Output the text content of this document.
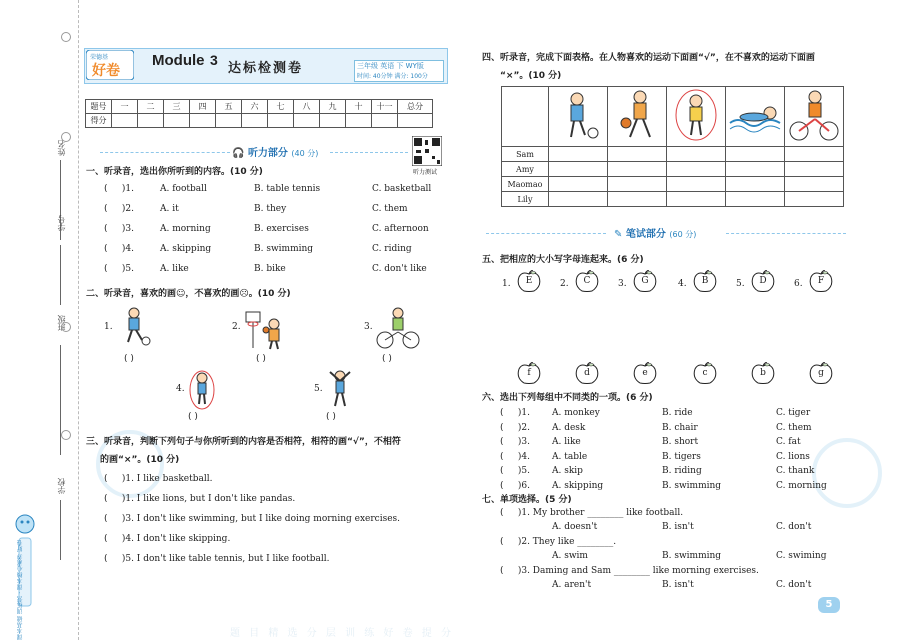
姓名
学号
班级
学校
课本基础 训练营 · 课本核心素养 好卷
荣德基
好卷
Module 3
达标检测卷	三年级 英语 下 WY版
时间: 40分钟 满分: 100分
题号	一	二	三	四	五	六	七	八	九	十	十一	总分
得分												
听力测试
🎧 听力部分 (40 分)
一、听录音，选出你所听到的内容。(10 分)
(     )1.	A. football	B. table tennis	C. basketball
(     )2.	A. it	B. they	C. them
(     )3.	A. morning	B. exercises	C. afternoon
(     )4.	A. skipping	B. swimming	C. riding
(     )5.	A. like	B. bike	C. don't like
二、听录音，喜欢的画☺，不喜欢的画☹。(10 分)
1.
( )
2.
( )
3.
( )
4.
( )
5.
( )
三、听录音，判断下列句子与你所听到的内容是否相符，相符的画“√”，不相符
的画“×”。(10 分)
(     )1. I like basketball.
(     )1. I like lions, but I don't like pandas.
(     )3. I don't like swimming, but I like doing morning exercises.
(     )4. I don't like skipping.
(     )5. I don't like table tennis, but I like football.
四、听录音，完成下面表格。在人物喜欢的运动下面画“√”，在不喜欢的运动下面画
“×”。(10 分)

Sam					
Amy					
Maomao					
Lily					
✎ 笔试部分 (60 分)
五、把相应的大小写字母连起来。(6 分)
1.	E	2.	C	3.	G	4.	B	5.	D	6.	F
f	d	e	c	b	g
六、选出下列每组中不同类的一项。(6 分)
(     )1. A. monkey	B. ride	C. tiger
(     )2. A. desk	B. chair	C. them
(     )3. A. like	B. short	C. fat
(     )4. A. table	B. tigers	C. lions
(     )5. A. skip	B. riding	C. thank
(     )6. A. skipping	B. swimming	C. morning
七、单项选择。(5 分)
(     )1. My brother ________ like football.
A. doesn't	B. isn't	C. don't
(     )2. They like ________.
A. swim	B. swimming	C. swiming
(     )3. Daming and Sam ________ like morning exercises.
A. aren't	B. isn't	C. don't
5
题 目 精 选 分 层 训 练 好 卷 提 分
